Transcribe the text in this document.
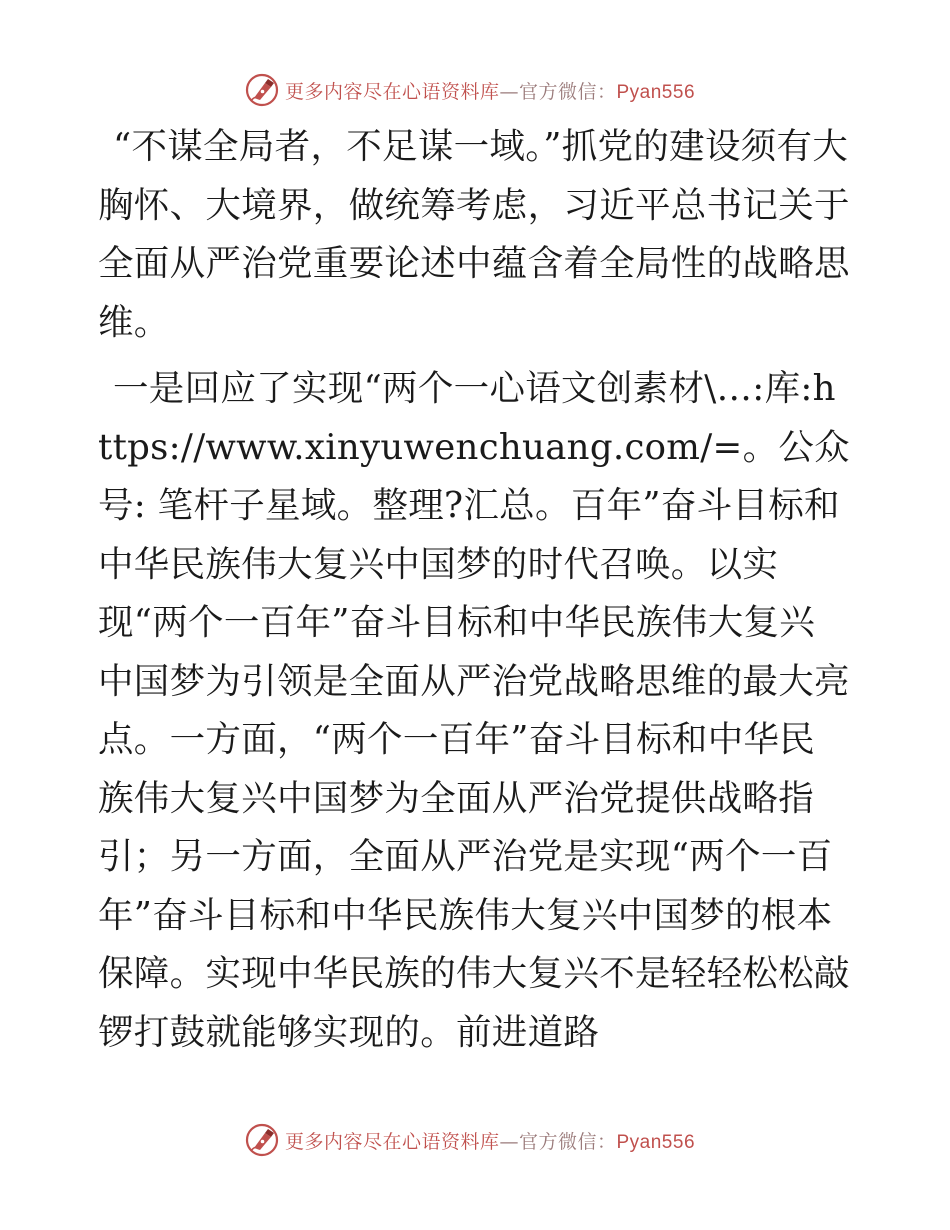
更多内容尽在心语资料库—官方微信：Pyan556

“不谋全局者，不足谋一域。”抓党的建设须有大胸怀、大境界，做统筹考虑，习近平总书记关于全面从严治党重要论述中蕴含着全局性的战略思维。

一是回应了实现“两个一心语文创素材\…:库:https://www.xinyuwenchuang.com/=。公众号: 笔杆子星域。整理?汇总。百年”奋斗目标和中华民族伟大复兴中国梦的时代召唤。以实现“两个一百年”奋斗目标和中华民族伟大复兴中国梦为引领是全面从严治党战略思维的最大亮点。一方面，“两个一百年”奋斗目标和中华民族伟大复兴中国梦为全面从严治党提供战略指引；另一方面，全面从严治党是实现“两个一百年”奋斗目标和中华民族伟大复兴中国梦的根本保障。实现中华民族的伟大复兴不是轻轻松松敲锣打鼓就能够实现的。前进道路

更多内容尽在心语资料库—官方微信：Pyan556
